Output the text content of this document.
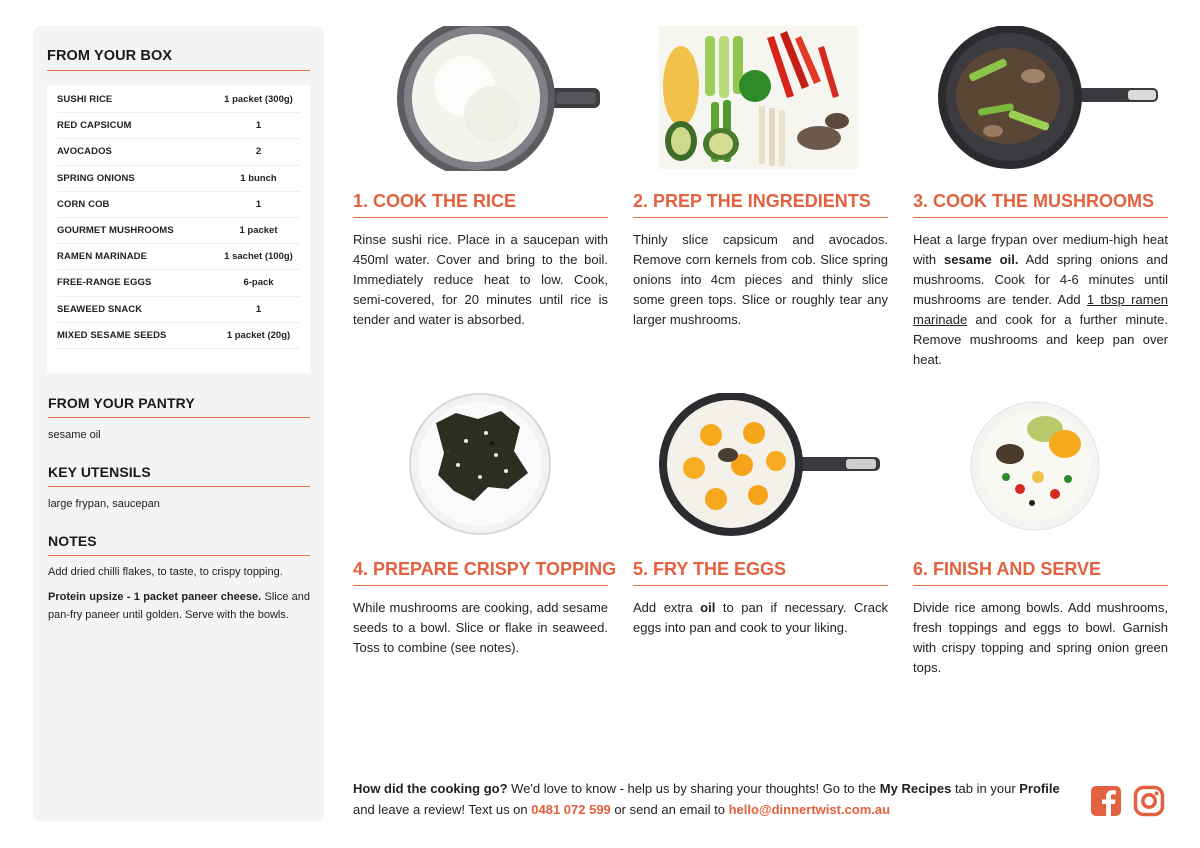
FROM YOUR BOX
SUSHI RICE	1 packet (300g)
RED CAPSICUM	1
AVOCADOS	2
SPRING ONIONS	1 bunch
CORN COB	1
GOURMET MUSHROOMS	1 packet
RAMEN MARINADE	1 sachet (100g)
FREE-RANGE EGGS	6-pack
SEAWEED SNACK	1
MIXED SESAME SEEDS	1 packet (20g)
FROM YOUR PANTRY
sesame oil
KEY UTENSILS
large frypan, saucepan
NOTES

Add dried chilli flakes, to taste, to crispy topping.

Protein upsize - 1 packet paneer cheese. Slice and pan-fry paneer until golden. Serve with the bowls.

1. COOK THE RICE
Rinse sushi rice. Place in a saucepan with 450ml water. Cover and bring to the boil. Immediately reduce heat to low. Cook, semi-covered, for 20 minutes until rice is tender and water is absorbed.
2. PREP THE INGREDIENTS
Thinly slice capsicum and avocados. Remove corn kernels from cob. Slice spring onions into 4cm pieces and thinly slice some green tops. Slice or roughly tear any larger mushrooms.
3. COOK THE MUSHROOMS
Heat a large frypan over medium-high heat with sesame oil. Add spring onions and mushrooms. Cook for 4-6 minutes until mushrooms are tender. Add 1 tbsp ramen marinade and cook for a further minute. Remove mushrooms and keep pan over heat.
4. PREPARE CRISPY TOPPING
While mushrooms are cooking, add sesame seeds to a bowl. Slice or flake in seaweed. Toss to combine (see notes).
5. FRY THE EGGS
Add extra oil to pan if necessary. Crack eggs into pan and cook to your liking.
6. FINISH AND SERVE
Divide rice among bowls. Add mushrooms, fresh toppings and eggs to bowl. Garnish with crispy topping and spring onion green tops.
How did the cooking go? We'd love to know - help us by sharing your thoughts! Go to the My Recipes tab in your Profile and leave a review! Text us on 0481 072 599 or send an email to hello@dinnertwist.com.au
